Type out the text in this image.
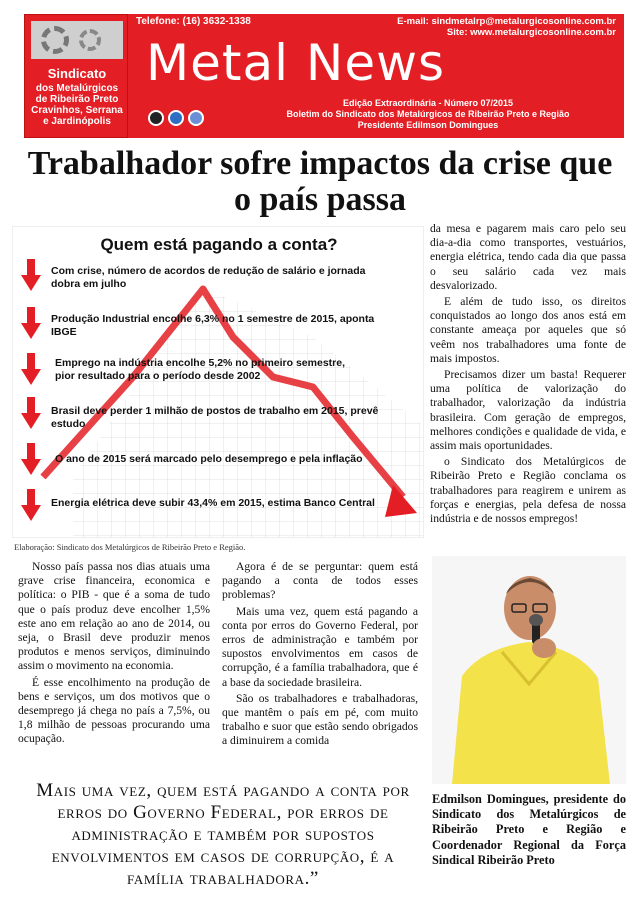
Sindicato
dos Metalúrgicos
de Ribeirão Preto
Cravinhos, Serrana
e Jardinópolis
Telefone: (16) 3632-1338	E-mail: sindmetalrp@metalurgicosonline.com.br
Site: www.metalurgicosonline.com.br
Metal News
Edição Extraordinária - Número 07/2015
Boletim do Sindicato dos Metalúrgicos de Ribeirão Preto e Região
Presidente Edilmson Domingues
Trabalhador sofre impactos da crise que
o país passa
Quem está pagando a conta?
Com crise, número de acordos de redução de salário e jornada
dobra em julho
Produção Industrial encolhe 6,3% no 1 semestre de 2015, aponta
IBGE
Emprego na indústria encolhe 5,2% no primeiro semestre,
pior resultado para o período desde 2002
Brasil deve perder 1 milhão de postos de trabalho em 2015, prevê
estudo
O ano de 2015 será marcado pelo desemprego e pela inflação
Energia elétrica deve subir 43,4% em 2015, estima Banco Central
Elaboração: Sindicato dos Metalúrgicos de Ribeirão Preto e Região.

Nosso país passa nos dias atuais uma grave crise financeira, economica e política: o PIB - que é a soma de tudo que o país produz deve encolher 1,5% este ano em relação ao ano de 2014, ou seja, o Brasil deve produzir menos produtos e menos serviços, diminuindo assim o movimento na economia.

É esse encolhimento na produção de bens e serviços, um dos motivos que o desemprego já chega no país a 7,5%, ou 1,8 milhão de pessoas procurando uma ocupação.

Agora é de se perguntar: quem está pagando a conta de todos esses problemas?

Mais uma vez, quem está pagando a conta por erros do Governo Federal, por erros de administração e também por supostos envolvimentos em casos de corrupção, é a família trabalhadora, que é a base da sociedade brasileira.

São os trabalhadores e trabalhadoras, que mantêm o país em pé, com muito trabalho e suor que estão sendo obrigados a diminuirem a comida

da mesa e pagarem mais caro pelo seu dia-a-dia como transportes, vestuários, energia elétrica, tendo cada dia que passa o seu salário cada vez mais desvalorizado.

E além de tudo isso, os direitos conquistados ao longo dos anos está em constante ameaça por aqueles que só veêm nos trabalhadores uma fonte de mais impostos.

Precisamos dizer um basta! Requerer uma política de valorização do trabalhador, valorização da indústria brasileira. Com geração de empregos, melhores condições e qualidade de vida, e assim mais oportunidades.

o Sindicato dos Metalúrgicos de Ribeirão Preto e Região conclama os trabalhadores para reagirem e unirem as forças e energias, pela defesa de nossa indústria e de nossos empregos!

Edmilson Domingues, presidente do Sindicato dos Metalúrgicos de Ribeirão Preto e Região e Coordenador Regional da Força Sindical Ribeirão Preto
Mais uma vez, quem está pagando a conta por erros do Governo Federal, por erros de administração e também por supostos envolvimentos em casos de corrupção, é a família trabalhadora.”
